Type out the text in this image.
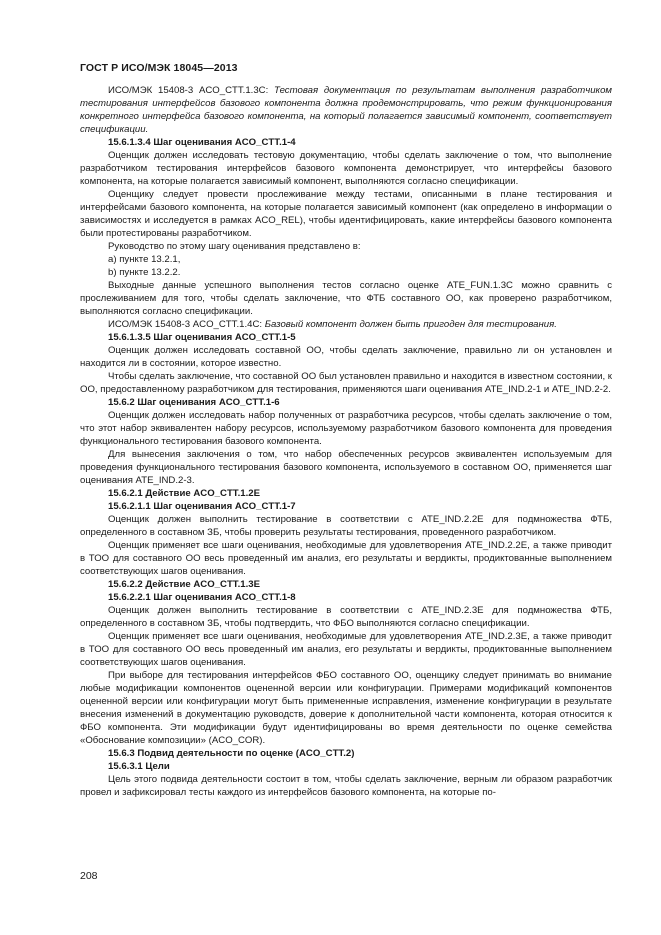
ГОСТ Р ИСО/МЭК 18045—2013
ИСО/МЭК 15408-3 ACO_CTT.1.3C: Тестовая документация по результатам выполнения разработчиком тестирования интерфейсов базового компонента должна продемонстрировать, что режим функционирования конкретного интерфейса базового компонента, на который полагается зависимый компонент, соответствует спецификации.
15.6.1.3.4 Шаг оценивания ACO_CTT.1-4
Оценщик должен исследовать тестовую документацию, чтобы сделать заключение о том, что выполнение разработчиком тестирования интерфейсов базового компонента демонстрирует, что интерфейсы базового компонента, на которые полагается зависимый компонент, выполняются согласно спецификации.
Оценщику следует провести прослеживание между тестами, описанными в плане тестирования и интерфейсами базового компонента, на которые полагается зависимый компонент (как определено в информации о зависимостях и исследуется в рамках ACO_REL), чтобы идентифицировать, какие интерфейсы базового компонента были протестированы разработчиком.
Руководство по этому шагу оценивания представлено в:
а) пункте 13.2.1,
b) пункте 13.2.2.
Выходные данные успешного выполнения тестов согласно оценке ATE_FUN.1.3C можно сравнить с прослеживанием для того, чтобы сделать заключение, что ФТБ составного ОО, как проверено разработчиком, выполняются согласно спецификации.
ИСО/МЭК 15408-3 ACO_CTT.1.4C: Базовый компонент должен быть пригоден для тестирования.
15.6.1.3.5 Шаг оценивания ACO_CTT.1-5
Оценщик должен исследовать составной ОО, чтобы сделать заключение, правильно ли он установлен и находится ли в состоянии, которое известно.
Чтобы сделать заключение, что составной ОО был установлен правильно и находится в известном состоянии, к ОО, предоставленному разработчиком для тестирования, применяются шаги оценивания ATE_IND.2-1 и ATE_IND.2-2.
15.6.2 Шаг оценивания ACO_CTT.1-6
Оценщик должен исследовать набор полученных от разработчика ресурсов, чтобы сделать заключение о том, что этот набор эквивалентен набору ресурсов, используемому разработчиком базового компонента для проведения функционального тестирования базового компонента.
Для вынесения заключения о том, что набор обеспеченных ресурсов эквивалентен используемым для проведения функционального тестирования базового компонента, используемого в составном ОО, применяется шаг оценивания ATE_IND.2-3.
15.6.2.1 Действие ACO_CTT.1.2E
15.6.2.1.1 Шаг оценивания ACO_CTT.1-7
Оценщик должен выполнить тестирование в соответствии с ATE_IND.2.2E для подмножества ФТБ, определенного в составном ЗБ, чтобы проверить результаты тестирования, проведенного разработчиком.
Оценщик применяет все шаги оценивания, необходимые для удовлетворения ATE_IND.2.2E, а также приводит в ТОО для составного ОО весь проведенный им анализ, его результаты и вердикты, продиктованные выполнением соответствующих шагов оценивания.
15.6.2.2 Действие ACO_CTT.1.3E
15.6.2.2.1 Шаг оценивания ACO_CTT.1-8
Оценщик должен выполнить тестирование в соответствии с ATE_IND.2.3E для подмножества ФТБ, определенного в составном ЗБ, чтобы подтвердить, что ФБО выполняются согласно спецификации.
Оценщик применяет все шаги оценивания, необходимые для удовлетворения ATE_IND.2.3E, а также приводит в ТОО для составного ОО весь проведенный им анализ, его результаты и вердикты, продиктованные выполнением соответствующих шагов оценивания.
При выборе для тестирования интерфейсов ФБО составного ОО, оценщику следует принимать во внимание любые модификации компонентов оцененной версии или конфигурации. Примерами модификаций компонентов оцененной версии или конфигурации могут быть примененные исправления, изменение конфигурации в результате внесения изменений в документацию руководств, доверие к дополнительной части компонента, которая относится к ФБО компонента. Эти модификации будут идентифицированы во время деятельности по оценке семейства «Обоснование композиции» (ACO_COR).
15.6.3 Подвид деятельности по оценке (ACO_CTT.2)
15.6.3.1 Цели
Цель этого подвида деятельности состоит в том, чтобы сделать заключение, верным ли образом разработчик провел и зафиксировал тесты каждого из интерфейсов базового компонента, на которые по-
208
